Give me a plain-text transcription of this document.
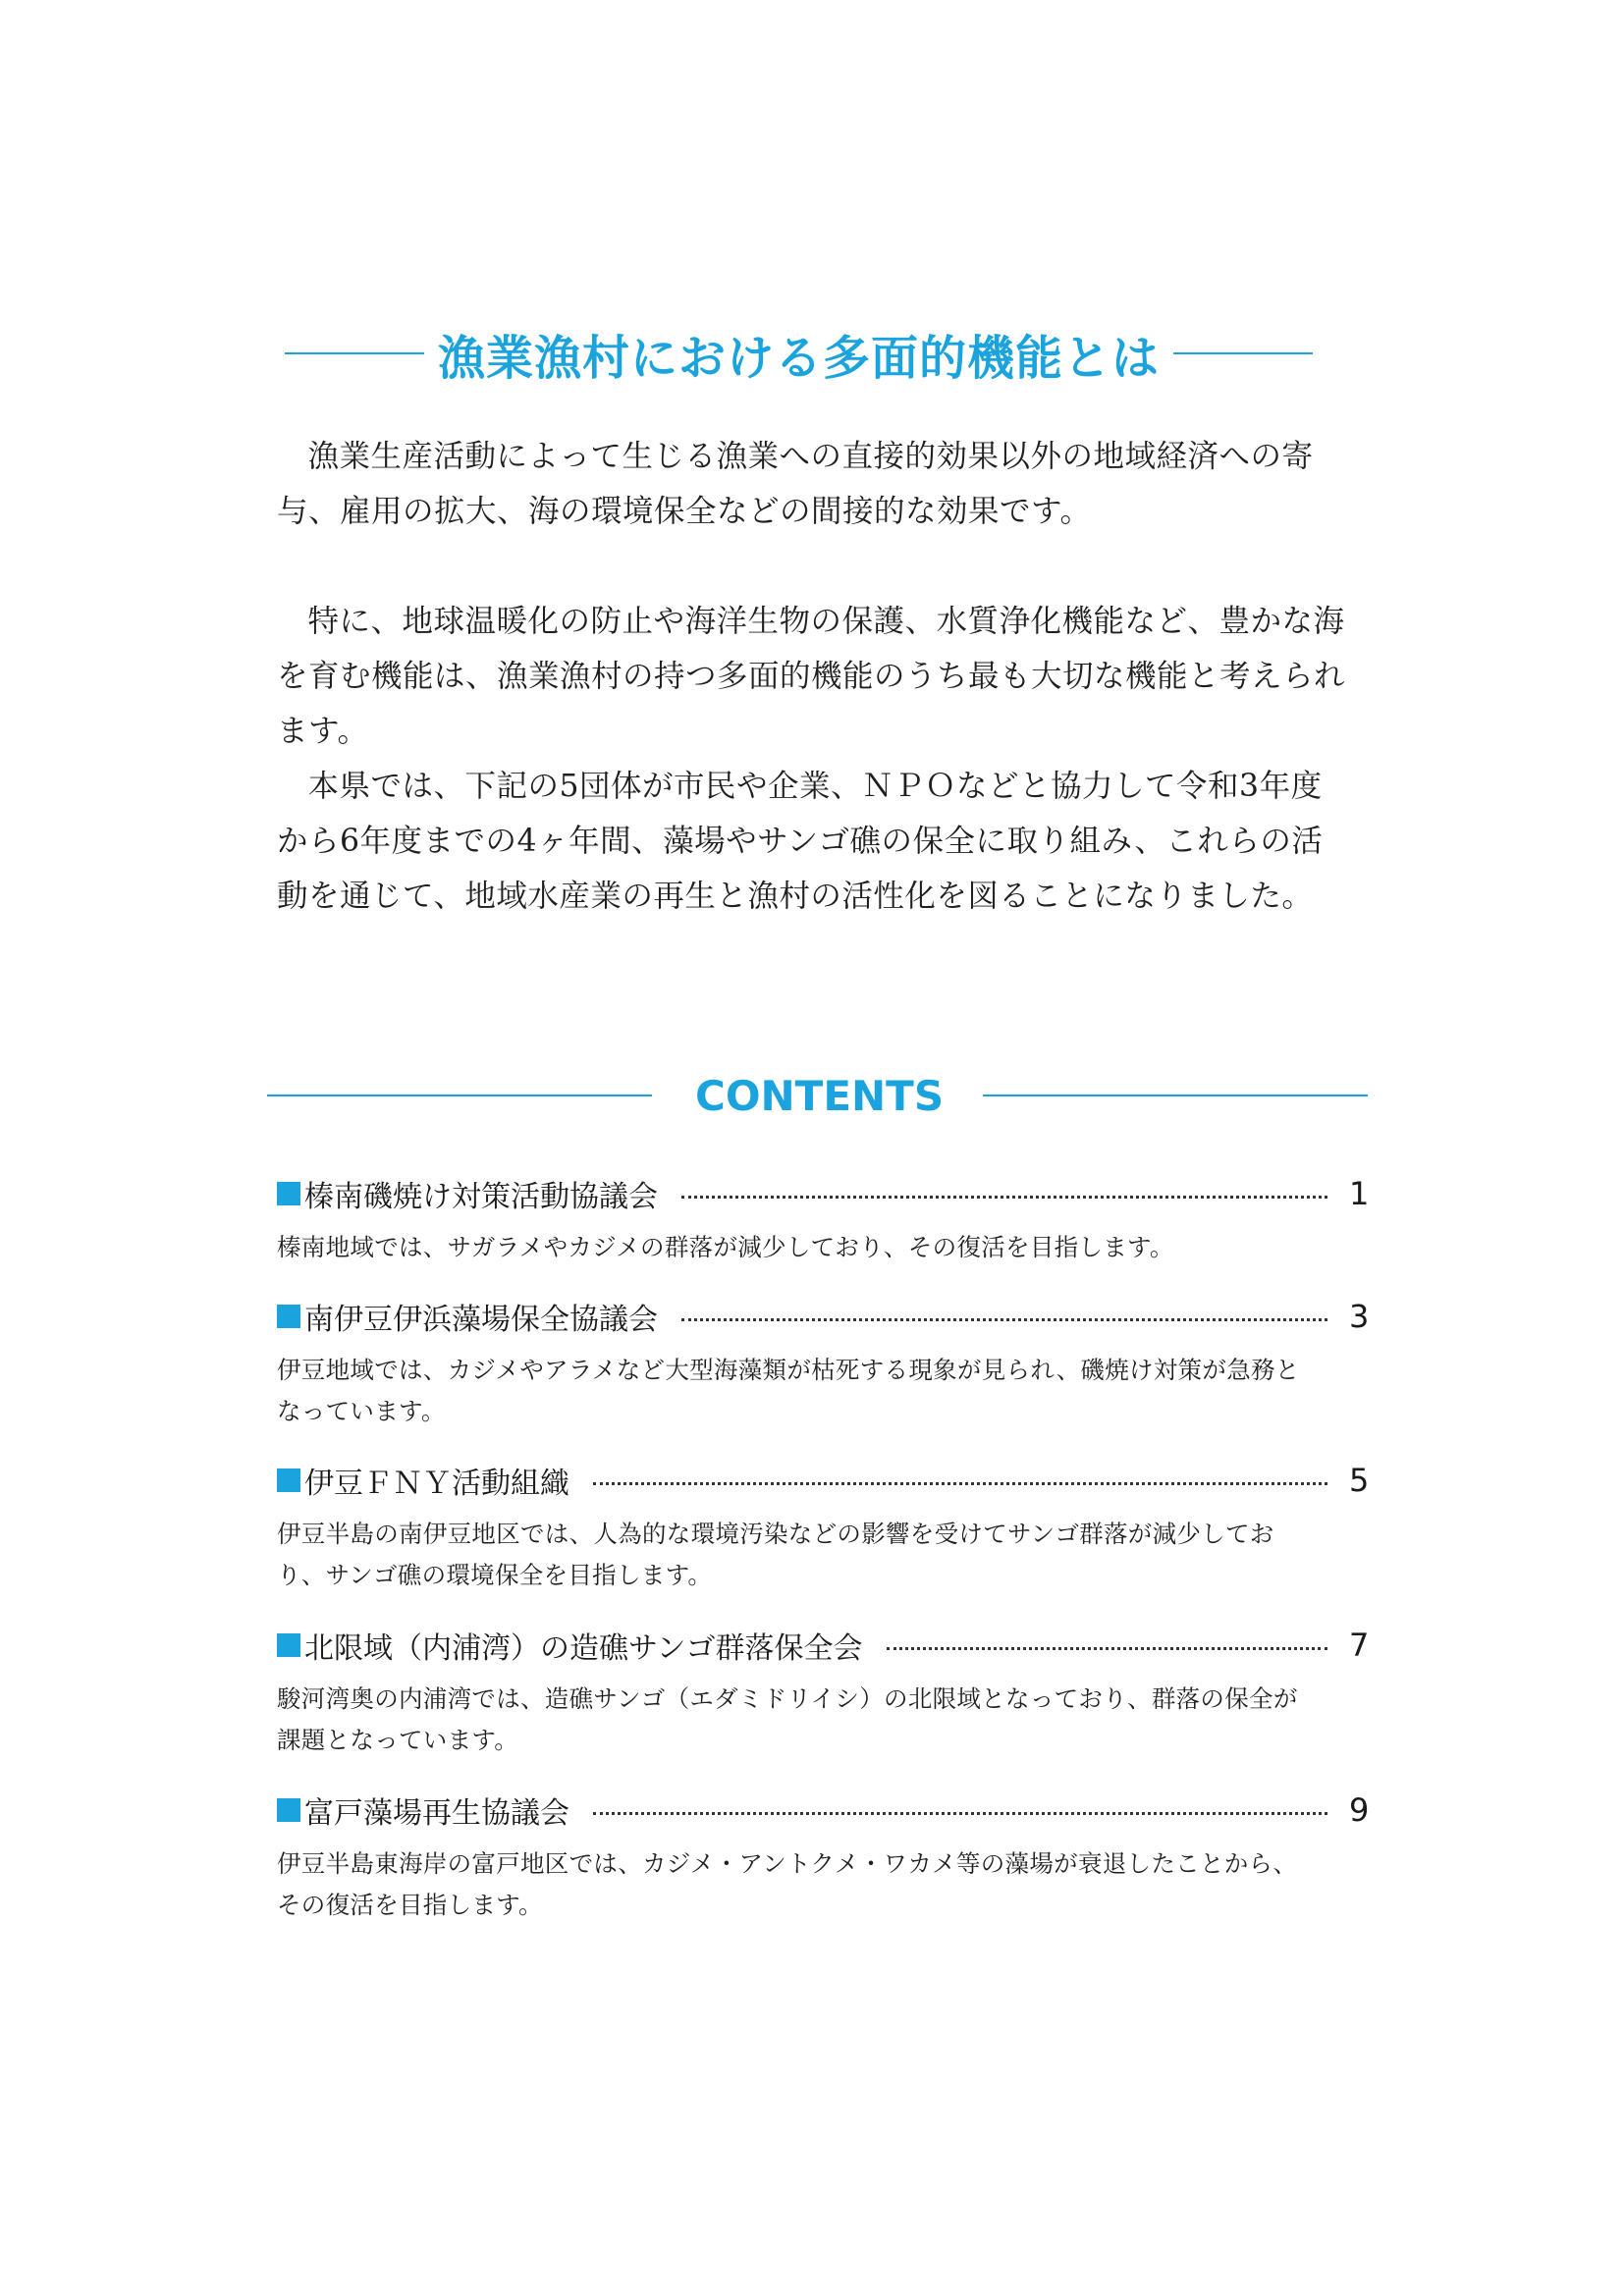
漁業漁村における多面的機能とは

漁業生産活動によって生じる漁業への直接的効果以外の地域経済への寄与、雇用の拡大、海の環境保全などの間接的な効果です。

特に、地球温暖化の防止や海洋生物の保護、水質浄化機能など、豊かな海を育む機能は、漁業漁村の持つ多面的機能のうち最も大切な機能と考えられます。

本県では、下記の5団体が市民や企業、ＮＰＯなどと協力して令和3年度から6年度までの4ヶ年間、藻場やサンゴ礁の保全に取り組み、これらの活動を通じて、地域水産業の再生と漁村の活性化を図ることになりました。

CONTENTS
榛南磯焼け対策活動協議会	1
榛南地域では、サガラメやカジメの群落が減少しており、その復活を目指します。
南伊豆伊浜藻場保全協議会	3
伊豆地域では、カジメやアラメなど大型海藻類が枯死する現象が見られ、磯焼け対策が急務となっています。
伊豆ＦＮＹ活動組織	5
伊豆半島の南伊豆地区では、人為的な環境汚染などの影響を受けてサンゴ群落が減少しており、サンゴ礁の環境保全を目指します。
北限域（内浦湾）の造礁サンゴ群落保全会	7
駿河湾奥の内浦湾では、造礁サンゴ（エダミドリイシ）の北限域となっており、群落の保全が課題となっています。
富戸藻場再生協議会	9
伊豆半島東海岸の富戸地区では、カジメ・アントクメ・ワカメ等の藻場が衰退したことから、その復活を目指します。
